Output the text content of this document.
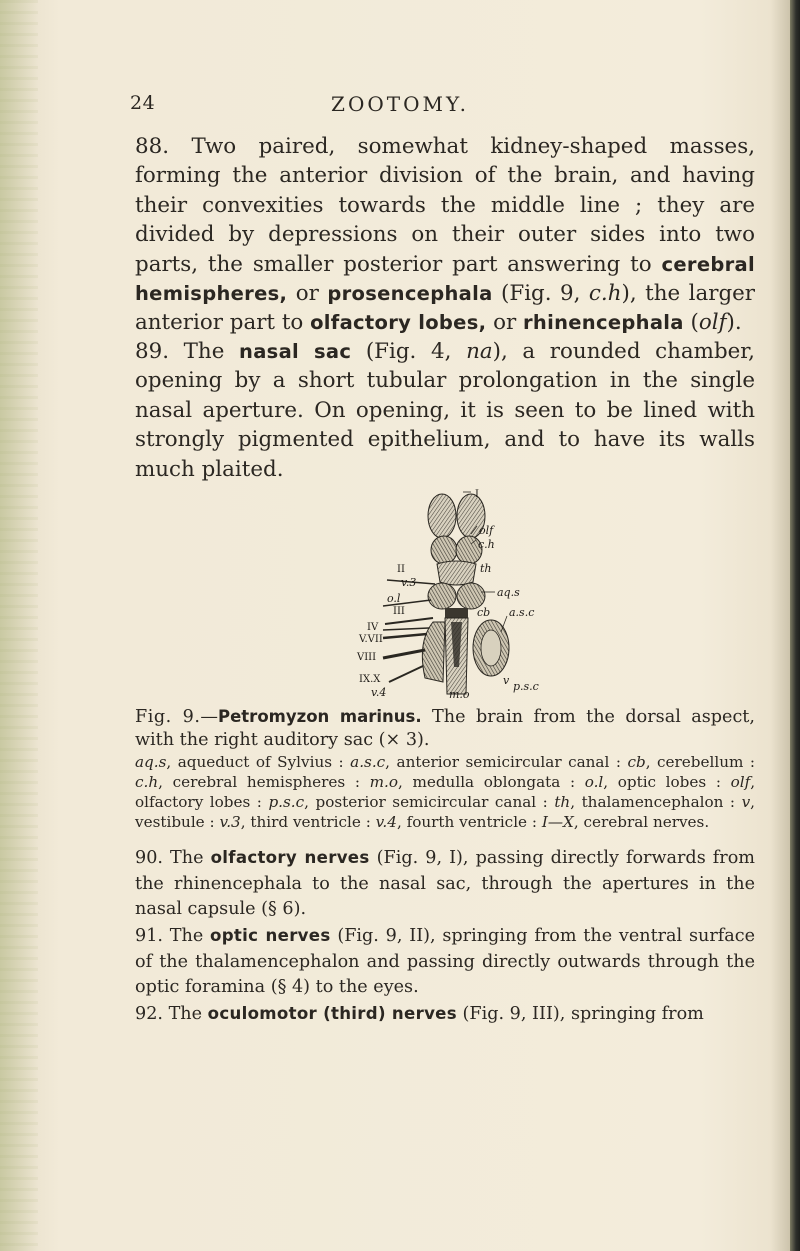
24	ZOOTOMY.

88. Two paired, somewhat kidney-shaped masses, forming the anterior division of the brain, and having their convexities towards the middle line ; they are divided by depressions on their outer sides into two parts, the smaller posterior part answering to cerebral hemispheres, or prosencephala (Fig. 9, c.h), the larger anterior part to olfactory lobes, or rhinencephala (olf).

89. The nasal sac (Fig. 4, na), a rounded chamber, opening by a short tubular prolongation in the single nasal aperture. On opening, it is seen to be lined with strongly pigmented epithelium, and to have its walls much plaited.

I
olf
c.h
II
v.3
th
o.l
III
aq.s
IV
cb a.s.c
V.VII
VIII
IX.X	v p.s.c
v.4	m.o

Fig. 9.—Petromyzon marinus. The brain from the dorsal aspect, with the right auditory sac (× 3).

aq.s, aqueduct of Sylvius : a.s.c, anterior semicircular canal : cb, cerebellum : c.h, cerebral hemispheres : m.o, medulla oblongata : o.l, optic lobes : olf, olfactory lobes : p.s.c, posterior semicircular canal : th, thalamencephalon : v, vestibule : v.3, third ventricle : v.4, fourth ventricle : I—X, cerebral nerves.

90. The olfactory nerves (Fig. 9, I), passing directly forwards from the rhinencephala to the nasal sac, through the apertures in the nasal capsule (§ 6).

91. The optic nerves (Fig. 9, II), springing from the ventral surface of the thalamencephalon and passing directly outwards through the optic foramina (§ 4) to the eyes.

92. The oculomotor (third) nerves (Fig. 9, III), springing from
